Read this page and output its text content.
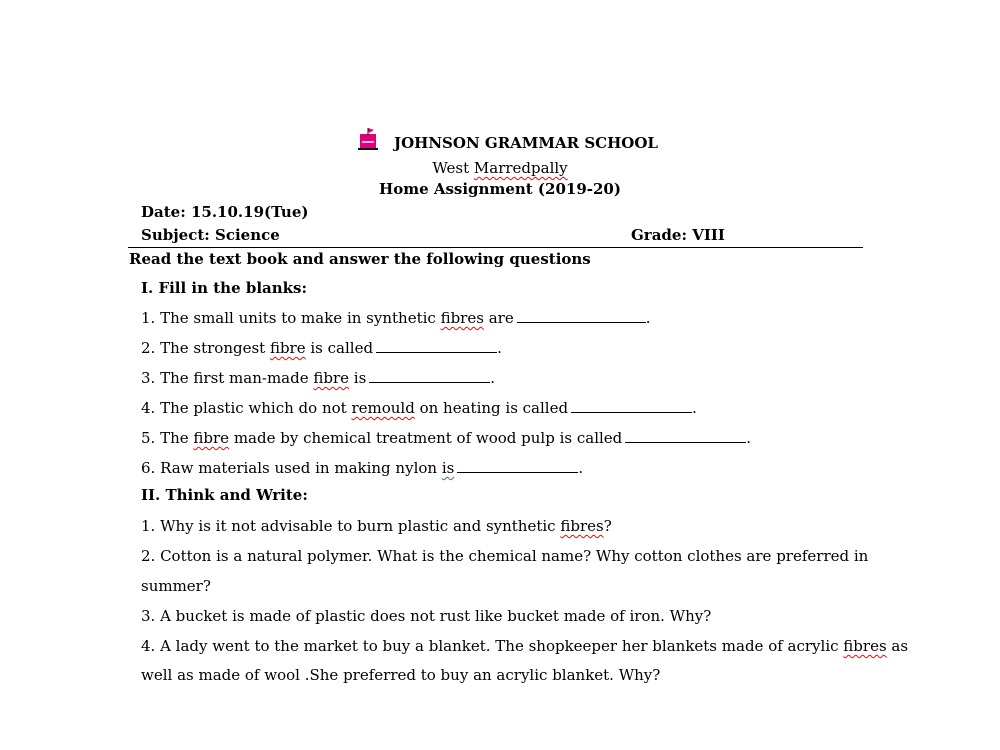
JOHNSON GRAMMAR SCHOOL
West Marredpally
Home Assignment (2019-20)
Date: 15.10.19(Tue)
Subject: Science	Grade: VIII
Read the text book and answer the following questions
I. Fill in the blanks:
1. The small units to make in synthetic fibres are	.
2. The strongest fibre is called	.
3. The first man-made fibre is	.
4. The plastic which do not remould on heating is called	.
5. The fibre made by chemical treatment of wood pulp is called	.
6. Raw materials used in making nylon is	.
II. Think and Write:
1. Why is it not advisable to burn plastic and synthetic fibres?
2. Cotton is a natural polymer. What is the chemical name? Why cotton clothes are preferred in
summer?
3. A bucket is made of plastic does not rust like bucket made of iron. Why?
4. A lady went to the market to buy a blanket. The shopkeeper her blankets made of acrylic fibres as
well as made of wool .She preferred to buy an acrylic blanket. Why?
